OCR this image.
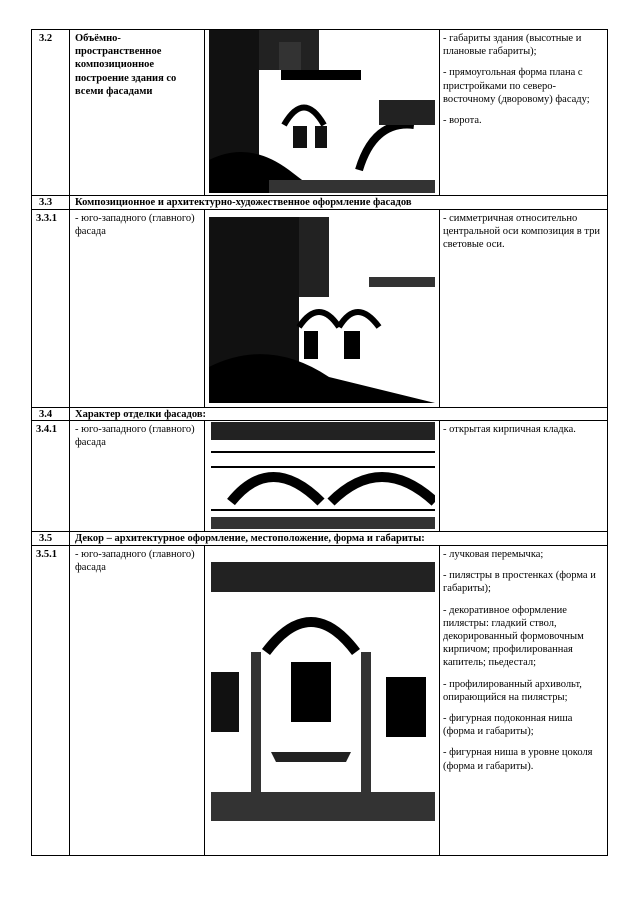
3.2 Объёмно-пространственное композиционное построение здания со всеми фасадами

- габариты здания (высотные и плановые габариты);

- прямоугольная форма плана с пристройками по северо-восточному (дворовому) фасаду;

- ворота.

3.3 Композиционное и архитектурно-художественное оформление фасадов
3.3.1 - юго-западного (главного) фасада

- симметричная относительно центральной оси композиция в три световые оси.

3.4 Характер отделки фасадов:
3.4.1 - юго-западного (главного) фасада

- открытая кирпичная кладка.

3.5 Декор – архитектурное оформление, местоположение, форма и габариты:
3.5.1 - юго-западного (главного) фасада

- лучковая перемычка;

- пилястры в простенках (форма и габариты);

- декоративное оформление пилястры: гладкий ствол, декорированный формовочным кирпичом; профилированная капитель; пьедестал;

- профилированный архивольт, опирающийся на пилястры;

- фигурная подоконная ниша (форма и габариты);

- фигурная ниша в уровне цоколя (форма и габариты).
